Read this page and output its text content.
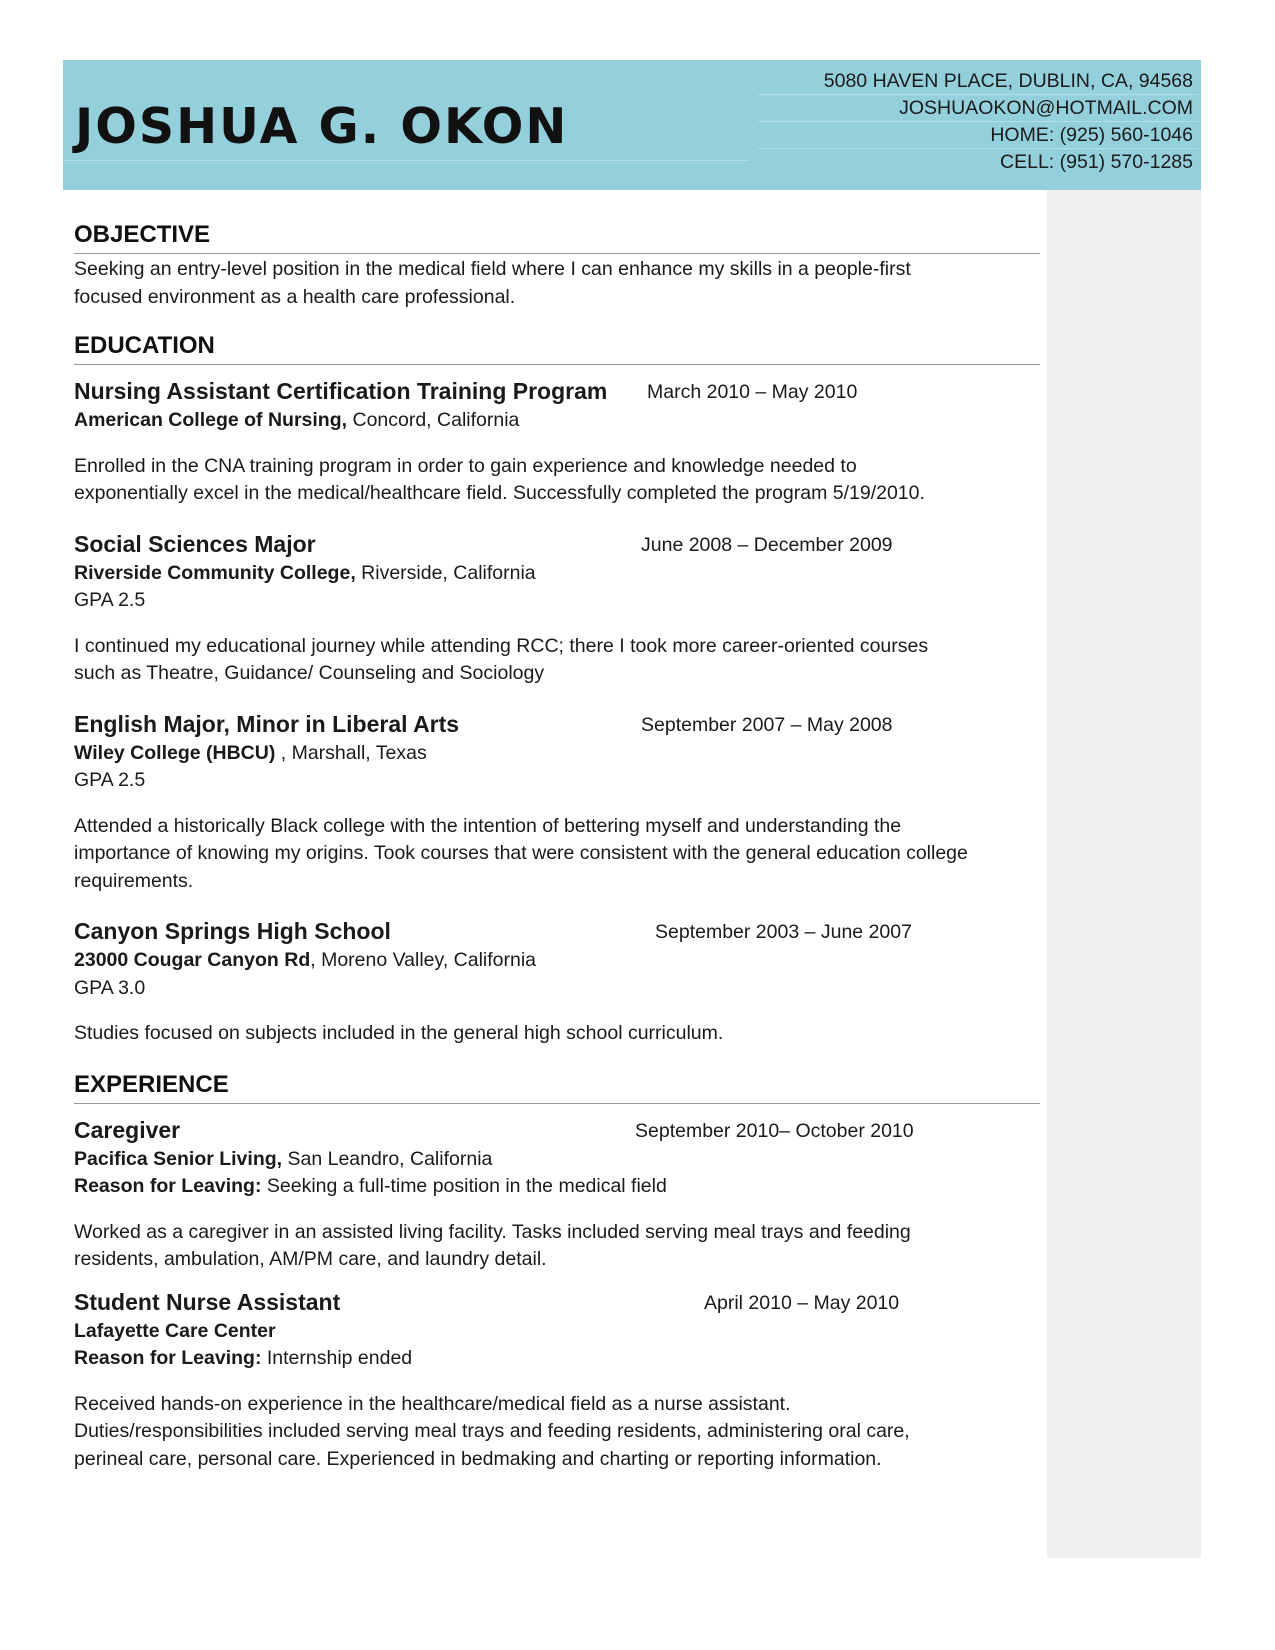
JOSHUA G. OKON
5080 HAVEN PLACE, DUBLIN, CA, 94568
JOSHUAOKON@HOTMAIL.COM
HOME: (925) 560-1046
CELL: (951) 570-1285
OBJECTIVE

Seeking an entry-level position in the medical field where I can enhance my skills in a people-first focused environment as a health care professional.

EDUCATION
Nursing Assistant Certification Training Program March 2010 – May 2010
American College of Nursing, Concord, California

Enrolled in the CNA training program in order to gain experience and knowledge needed to exponentially excel in the medical/healthcare field. Successfully completed the program 5/19/2010.

Social Sciences Major	June 2008 – December 2009
Riverside Community College, Riverside, California
GPA 2.5

I continued my educational journey while attending RCC; there I took more career-oriented courses such as Theatre, Guidance/ Counseling and Sociology

English Major, Minor in Liberal Arts	September 2007 – May 2008
Wiley College (HBCU) , Marshall, Texas
GPA 2.5

Attended a historically Black college with the intention of bettering myself and understanding the importance of knowing my origins. Took courses that were consistent with the general education college requirements.

Canyon Springs High School	September 2003 – June 2007
23000 Cougar Canyon Rd, Moreno Valley, California
GPA 3.0

Studies focused on subjects included in the general high school curriculum.

EXPERIENCE
Caregiver	September 2010– October 2010
Pacifica Senior Living, San Leandro, California
Reason for Leaving: Seeking a full-time position in the medical field

Worked as a caregiver in an assisted living facility. Tasks included serving meal trays and feeding residents, ambulation, AM/PM care, and laundry detail.

Student Nurse Assistant	April 2010 – May 2010
Lafayette Care Center
Reason for Leaving: Internship ended

Received hands-on experience in the healthcare/medical field as a nurse assistant. Duties/responsibilities included serving meal trays and feeding residents, administering oral care, perineal care, personal care. Experienced in bedmaking and charting or reporting information.
